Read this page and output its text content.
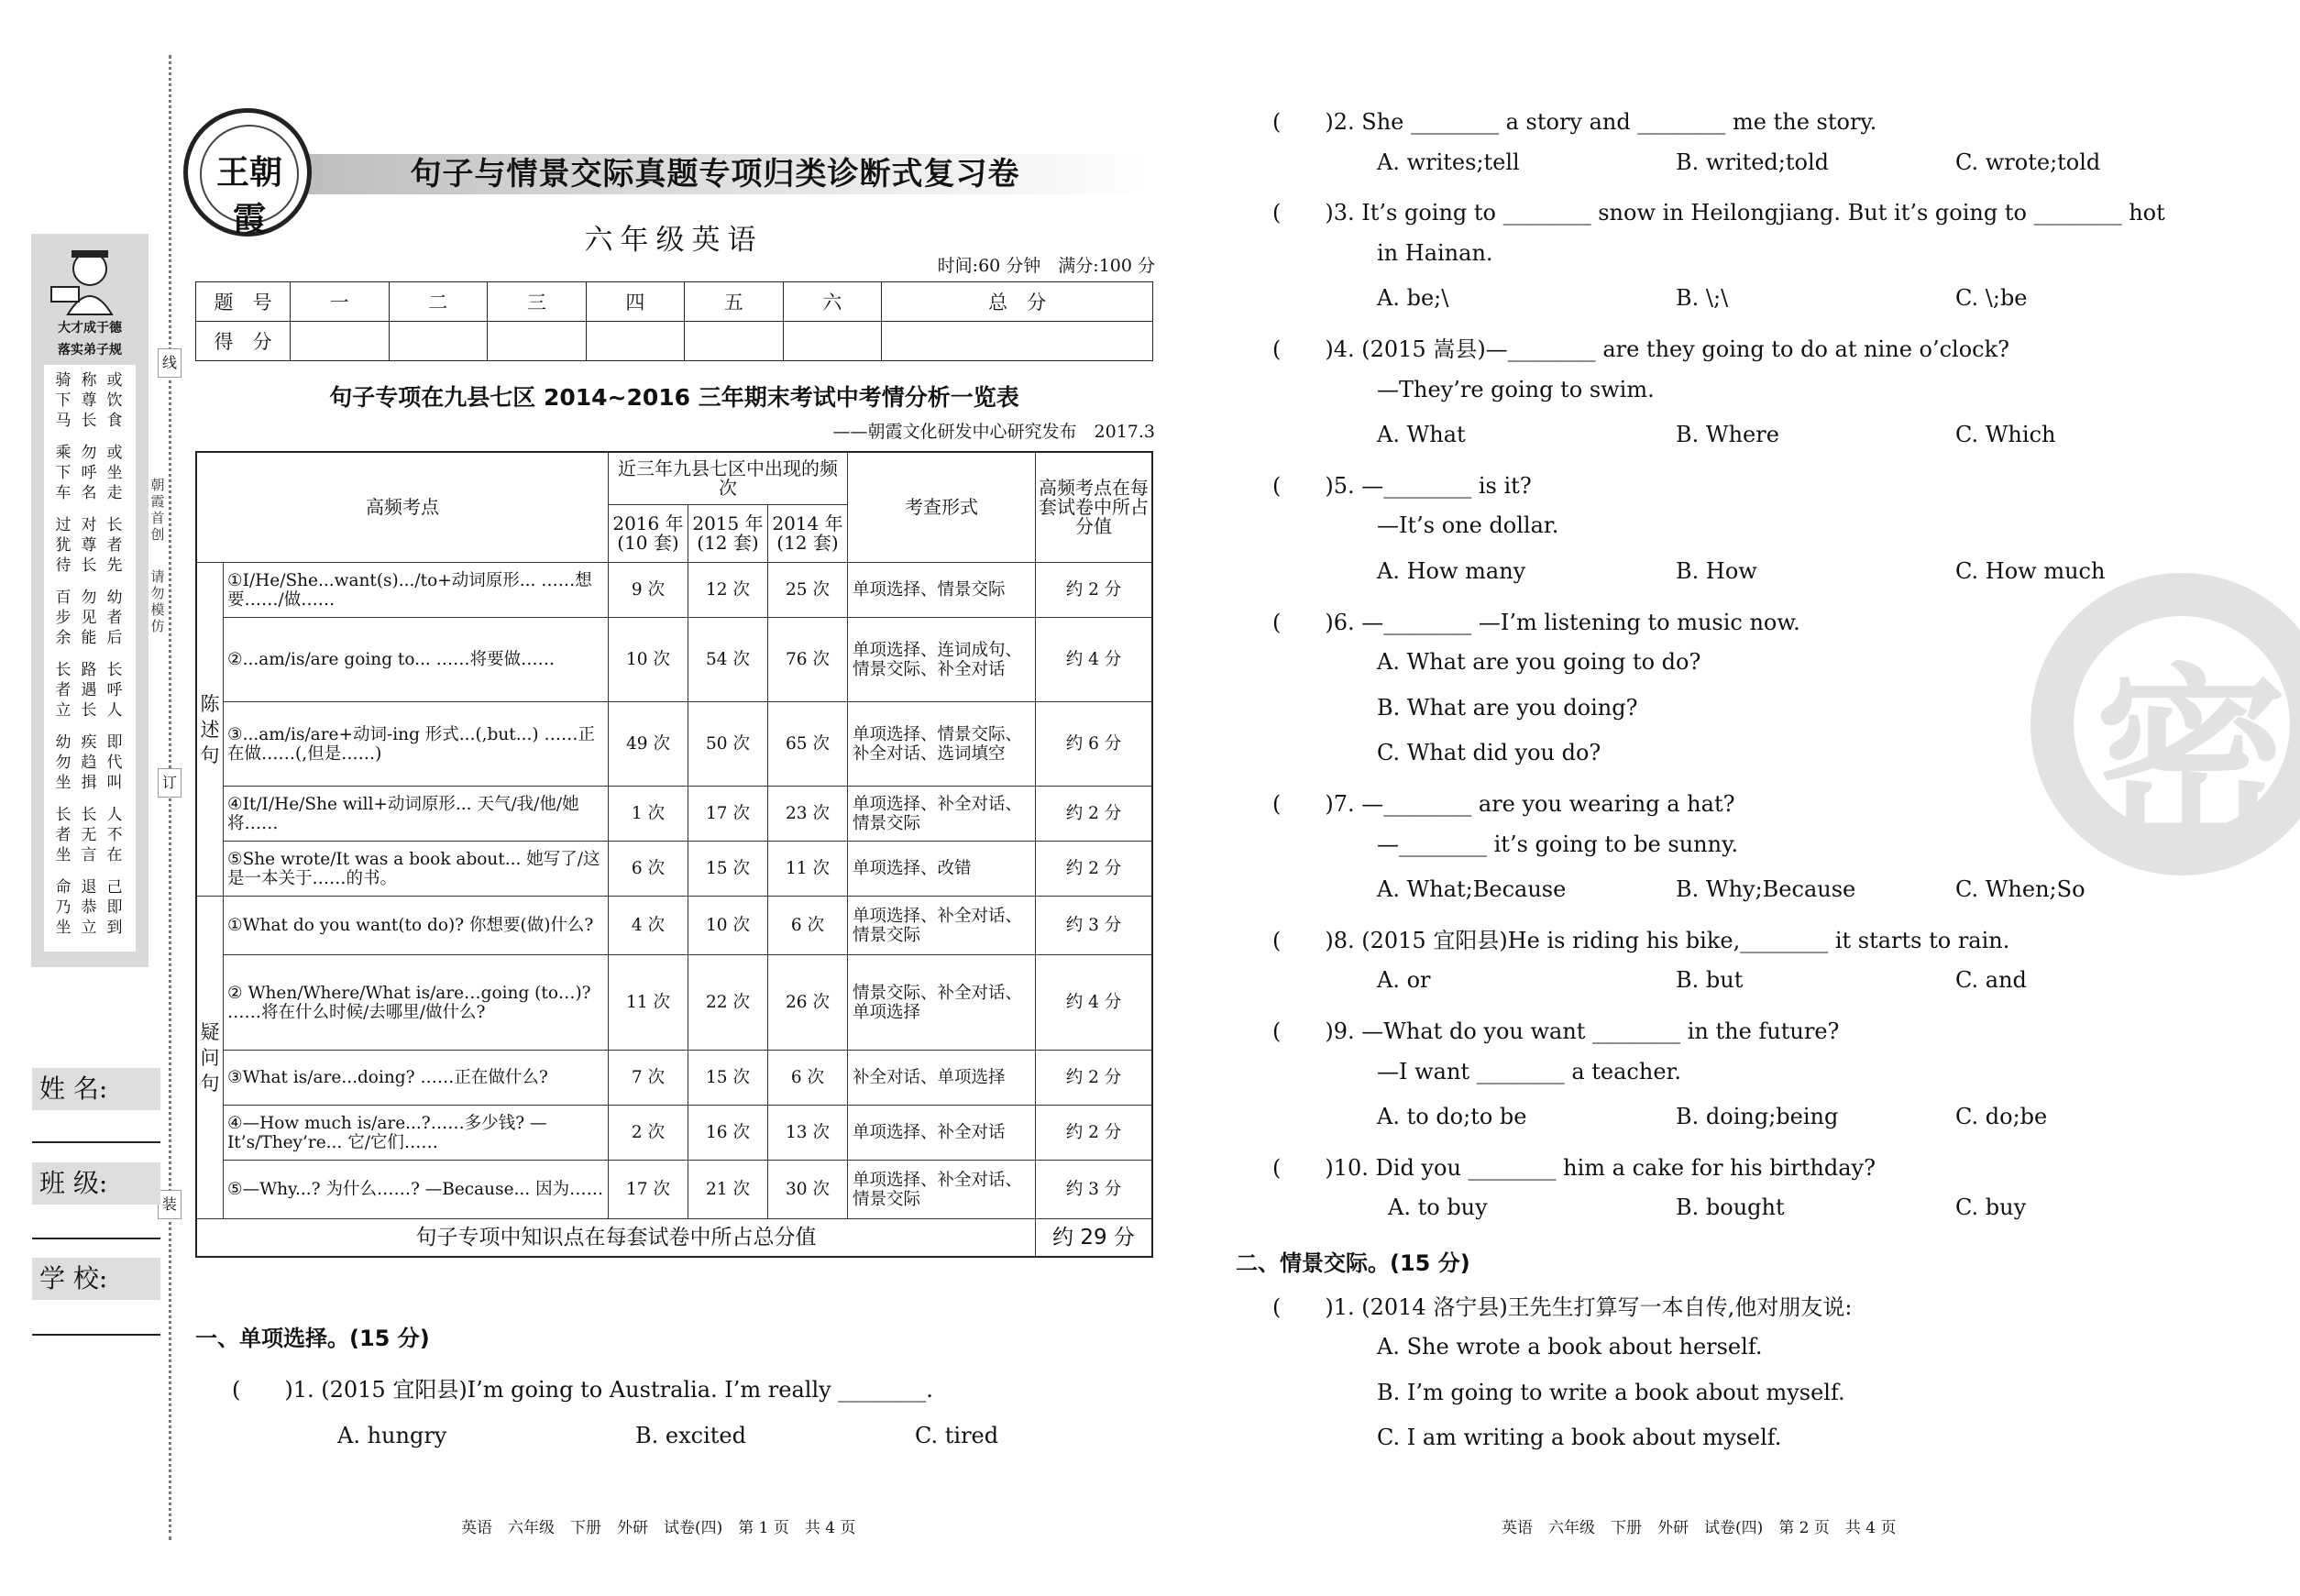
线
订
装
朝霞首创
请勿模仿
大才成于德
落实弟子规
骑下马
称尊长
或饮食
乘下车
勿呼名
或坐走
过犹待
对尊长
长者先
百步余
勿见能
幼者后
长者立
路遇长
长呼人
幼勿坐
疾趋揖
即代叫
长者坐
长无言
人不在
命乃坐
退恭立
己即到
姓 名:
班 级:
学 校:
王朝霞
句子与情景交际真题专项归类诊断式复习卷
六年级英语
时间:60 分钟　满分:100 分
题　号	一	二	三	四	五	六	总　分
得　分							
句子专项在九县七区 2014~2016 三年期末考试中考情分析一览表
——朝霞文化研发中心研究发布　2017.3
高频考点		近三年九县七区中出现的频次			考查形式	高频考点在每套试卷中所占分值
		2016 年(10 套)	2015 年(12 套)	2014 年(12 套)		
陈述句	①I/He/She...want(s).../to+动词原形... ……想要……/做……	9 次	12 次	25 次	单项选择、情景交际	约 2 分
	②...am/is/are going to... ……将要做……	10 次	54 次	76 次	单项选择、连词成句、情景交际、补全对话	约 4 分
	③...am/is/are+动词-ing 形式...(,but...) ……正在做……(,但是……)	49 次	50 次	65 次	单项选择、情景交际、补全对话、选词填空	约 6 分
	④It/I/He/She will+动词原形... 天气/我/他/她将……	1 次	17 次	23 次	单项选择、补全对话、情景交际	约 2 分
	⑤She wrote/It was a book about... 她写了/这是一本关于……的书。	6 次	15 次	11 次	单项选择、改错	约 2 分
疑问句	①What do you want(to do)? 你想要(做)什么?	4 次	10 次	6 次	单项选择、补全对话、情景交际	约 3 分
	② When/Where/What is/are…going (to…)? ……将在什么时候/去哪里/做什么?	11 次	22 次	26 次	情景交际、补全对话、单项选择	约 4 分
	③What is/are...doing? ……正在做什么?	7 次	15 次	6 次	补全对话、单项选择	约 2 分
	④—How much is/are...?……多少钱? —It’s/They’re... 它/它们……	2 次	16 次	13 次	单项选择、补全对话	约 2 分
	⑤—Why...? 为什么……? —Because... 因为……	17 次	21 次	30 次	单项选择、补全对话、情景交际	约 3 分
句子专项中知识点在每套试卷中所占总分值						约 29 分
一、单项选择。(15 分)
(　　)1. (2015 宜阳县)I’m going to Australia. I’m really ________.
A. hungry	B. excited	C. tired
英语　六年级　下册　外研　试卷(四)　第 1 页　共 4 页
密
(　　)2. She ________ a story and ________ me the story.
A. writes;tell	B. writed;told	C. wrote;told
(　　)3. It’s going to ________ snow in Heilongjiang. But it’s going to ________ hot
in Hainan.
A. be;\	B. \;\	C. \;be
(　　)4. (2015 嵩县)—________ are they going to do at nine o’clock?
—They’re going to swim.
A. What	B. Where	C. Which
(　　)5. —________ is it?
—It’s one dollar.
A. How many	B. How	C. How much
(　　)6. —________ —I’m listening to music now.
A. What are you going to do?
B. What are you doing?
C. What did you do?
(　　)7. —________ are you wearing a hat?
—________ it’s going to be sunny.
A. What;Because	B. Why;Because	C. When;So
(　　)8. (2015 宜阳县)He is riding his bike,________ it starts to rain.
A. or	B. but	C. and
(　　)9. —What do you want ________ in the future?
—I want ________ a teacher.
A. to do;to be	B. doing;being	C. do;be
(　　)10. Did you ________ him a cake for his birthday?
A. to buy	B. bought	C. buy
二、情景交际。(15 分)
(　　)1. (2014 洛宁县)王先生打算写一本自传,他对朋友说:
A. She wrote a book about herself.
B. I’m going to write a book about myself.
C. I am writing a book about myself.
英语　六年级　下册　外研　试卷(四)　第 2 页　共 4 页
